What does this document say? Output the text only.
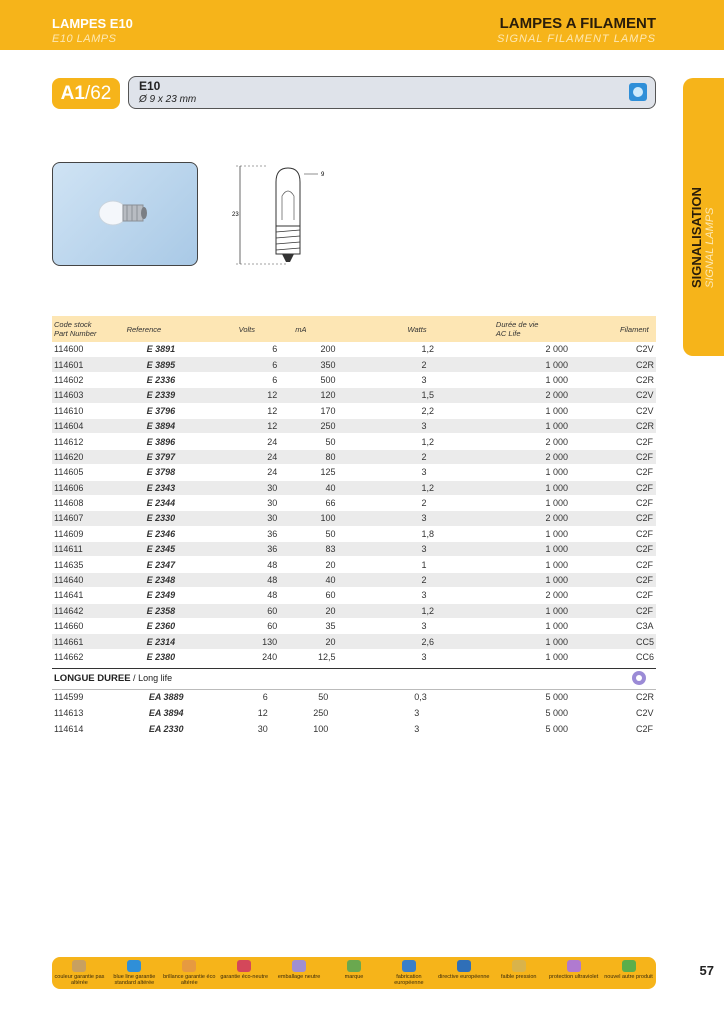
LAMPES E10
E10 LAMPS
LAMPES A FILAMENT
SIGNAL FILAMENT LAMPS
A1 /62 E10
Ø 9 x 23 mm
SIGNALISATION SIGNAL LAMPS
23
9
Code stock
Part Number	Reference	Volts	mA	Watts	Durée de vie
AC Life	Filament
114600	E 3891	6	200	1,2	2 000	C2V
114601	E 3895	6	350	2	1 000	C2R
114602	E 2336	6	500	3	1 000	C2R
114603	E 2339	12	120	1,5	2 000	C2V
114610	E 3796	12	170	2,2	1 000	C2V
114604	E 3894	12	250	3	1 000	C2R
114612	E 3896	24	50	1,2	2 000	C2F
114620	E 3797	24	80	2	2 000	C2F
114605	E 3798	24	125	3	1 000	C2F
114606	E 2343	30	40	1,2	1 000	C2F
114608	E 2344	30	66	2	1 000	C2F
114607	E 2330	30	100	3	2 000	C2F
114609	E 2346	36	50	1,8	1 000	C2F
114611	E 2345	36	83	3	1 000	C2F
114635	E 2347	48	20	1	1 000	C2F
114640	E 2348	48	40	2	1 000	C2F
114641	E 2349	48	60	3	2 000	C2F
114642	E 2358	60	20	1,2	1 000	C2F
114660	E 2360	60	35	3	1 000	C3A
114661	E 2314	130	20	2,6	1 000	CC5
114662	E 2380	240	12,5	3	1 000	CC6
LONGUE DUREE / Long life
114599	EA 3889	6	50	0,3	5 000	C2R
114613	EA 3894	12	250	3	5 000	C2V
114614	EA 2330	30	100	3	5 000	C2F
couleur garantie pas altérée
blue line garantie standard altérée
brillance garantie éco altérée
garantie éco-neutre	emballage neutre	marque	fabrication européenne
directive européenne	faible pression	protection ultraviolet	nouvel autre produit	57
